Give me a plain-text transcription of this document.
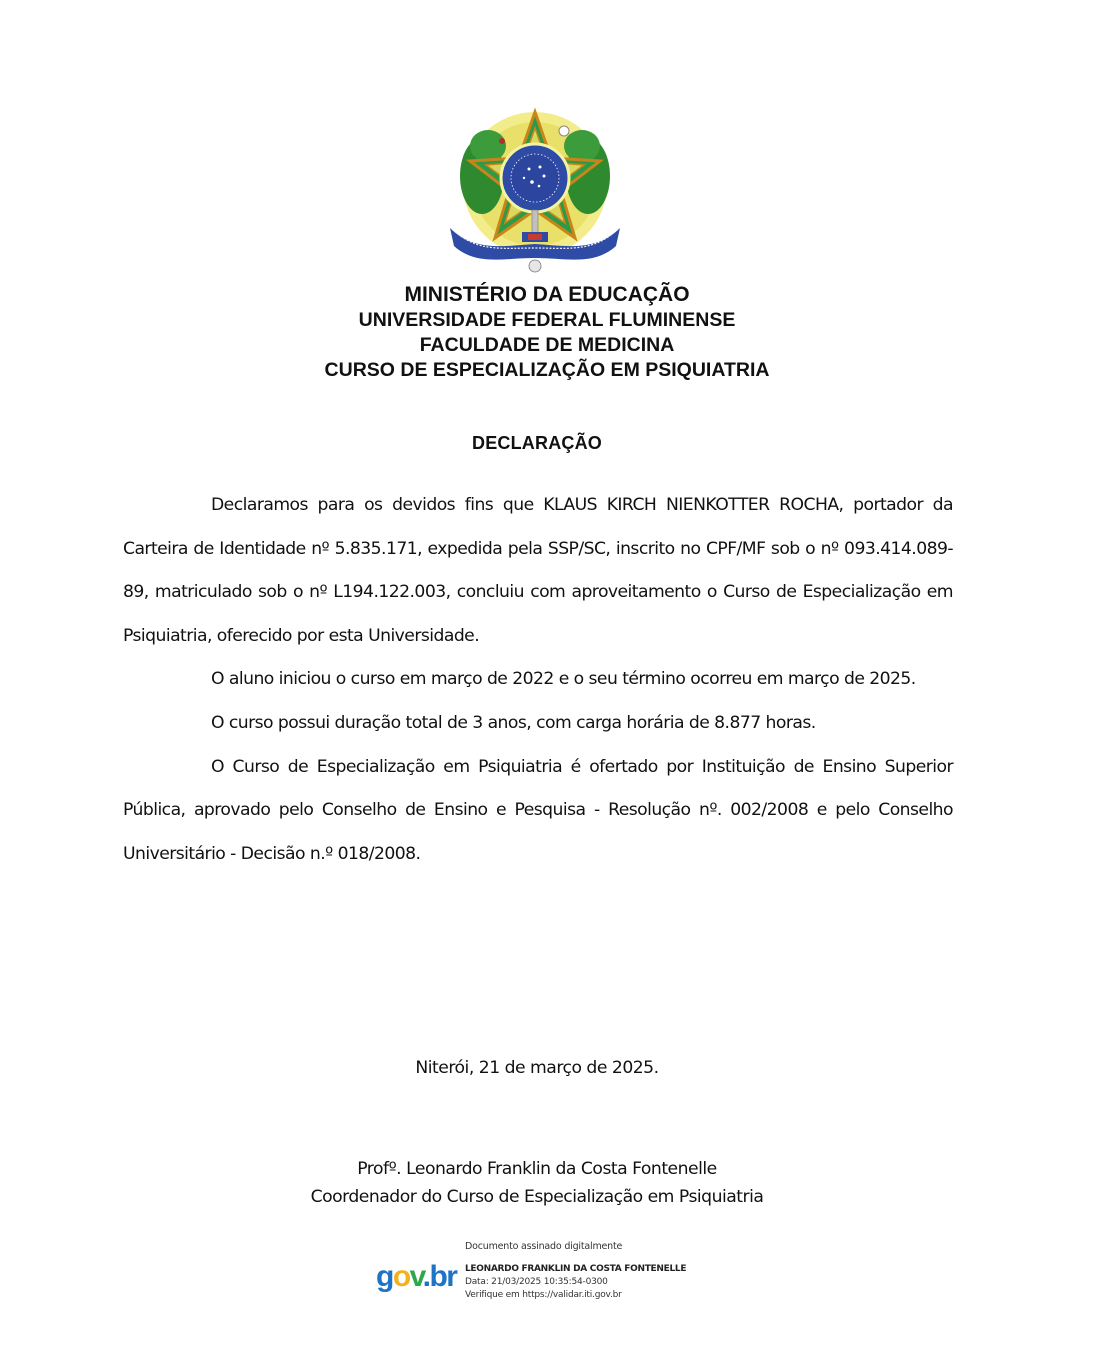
MINISTÉRIO DA EDUCAÇÃO
UNIVERSIDADE FEDERAL FLUMINENSE
FACULDADE DE MEDICINA
CURSO DE ESPECIALIZAÇÃO EM PSIQUIATRIA
DECLARAÇÃO

Declaramos para os devidos fins que KLAUS KIRCH NIENKOTTER ROCHA, portador da Carteira de Identidade nº 5.835.171, expedida pela SSP/SC, inscrito no CPF/MF sob o nº 093.414.089-89, matriculado sob o nº L194.122.003, concluiu com aproveitamento o Curso de Especialização em Psiquiatria, oferecido por esta Universidade.

O aluno iniciou o curso em março de 2022 e o seu término ocorreu em março de 2025.

O curso possui duração total de 3 anos, com carga horária de 8.877 horas.

O Curso de Especialização em Psiquiatria é ofertado por Instituição de Ensino Superior Pública, aprovado pelo Conselho de Ensino e Pesquisa - Resolução nº. 002/2008 e pelo Conselho Universitário - Decisão n.º 018/2008.

Niterói, 21 de março de 2025.
Profº. Leonardo Franklin da Costa Fontenelle
Coordenador do Curso de Especialização em Psiquiatria
gov.br
Documento assinado digitalmente
LEONARDO FRANKLIN DA COSTA FONTENELLE
Data: 21/03/2025 10:35:54-0300
Verifique em https://validar.iti.gov.br
